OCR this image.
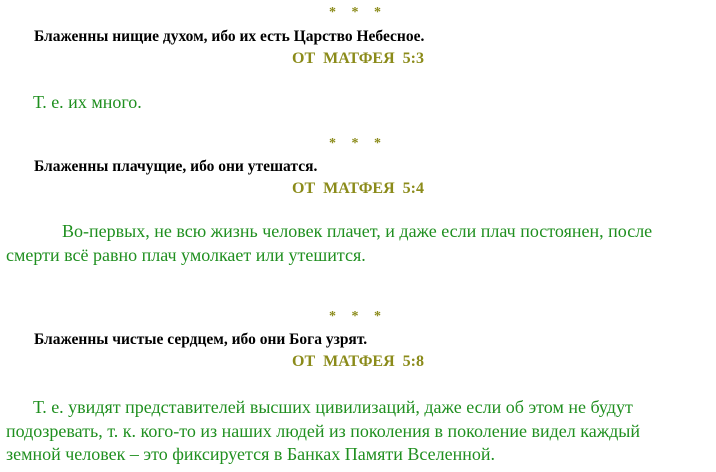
* * *
Блаженны нищие духом, ибо их есть Царство Небесное.
ОТ МАТФЕЯ 5:3
Т. е. их много.
* * *
Блаженны плачущие, ибо они утешатся.
ОТ МАТФЕЯ 5:4
Во-первых, не всю жизнь человек плачет, и даже если плач постоянен, после
смерти всё равно плач умолкает или утешится.
* * *
Блаженны чистые сердцем, ибо они Бога узрят.
ОТ МАТФЕЯ 5:8
Т. е. увидят представителей высших цивилизаций, даже если об этом не будут
подозревать, т. к. кого-то из наших людей из поколения в поколение видел каждый
земной человек – это фиксируется в Банках Памяти Вселенной.
